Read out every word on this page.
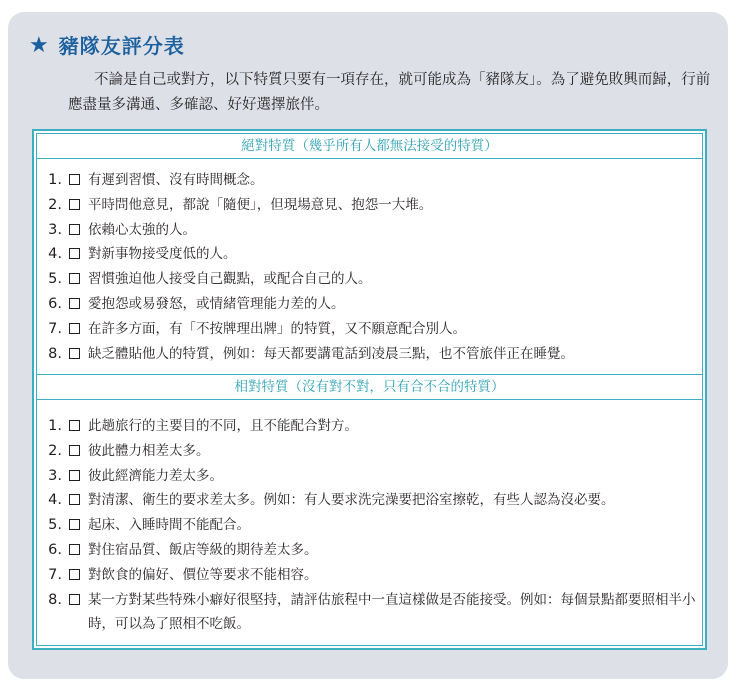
★ 豬隊友評分表
不論是自己或對方，以下特質只要有一項存在，就可能成為「豬隊友」。為了避免敗興而歸，行前應盡量多溝通、多確認、好好選擇旅伴。
絕對特質（幾乎所有人都無法接受的特質）
1. 有遲到習慣、沒有時間概念。
2. 平時問他意見，都說「隨便」，但現場意見、抱怨一大堆。
3. 依賴心太強的人。
4. 對新事物接受度低的人。
5. 習慣強迫他人接受自己觀點，或配合自己的人。
6. 愛抱怨或易發怒，或情緒管理能力差的人。
7. 在許多方面，有「不按牌理出牌」的特質，又不願意配合別人。
8. 缺乏體貼他人的特質，例如：每天都要講電話到凌晨三點，也不管旅伴正在睡覺。
相對特質（沒有對不對，只有合不合的特質）
1. 此趟旅行的主要目的不同，且不能配合對方。
2. 彼此體力相差太多。
3. 彼此經濟能力差太多。
4. 對清潔、衛生的要求差太多。例如：有人要求洗完澡要把浴室擦乾，有些人認為沒必要。
5. 起床、入睡時間不能配合。
6. 對住宿品質、飯店等級的期待差太多。
7. 對飲食的偏好、價位等要求不能相容。
8. 某一方對某些特殊小癖好很堅持，請評估旅程中一直這樣做是否能接受。例如：每個景點都要照相半小時，可以為了照相不吃飯。
